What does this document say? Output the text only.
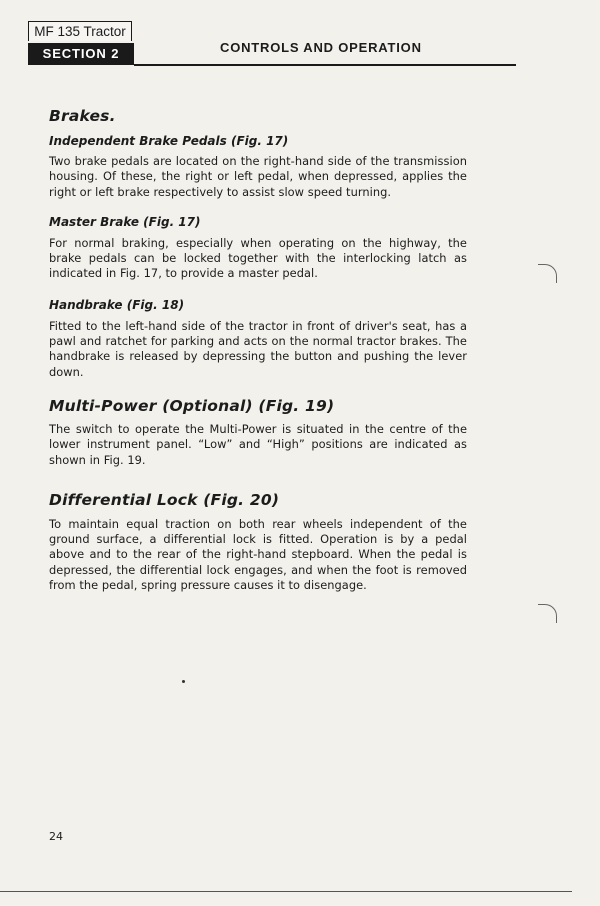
MF 135 Tractor
SECTION 2	CONTROLS AND OPERATION
Brakes.
Independent Brake Pedals (Fig. 17)

Two brake pedals are located on the right-hand side of the transmission housing. Of these, the right or left pedal, when depressed, applies the right or left brake respectively to assist slow speed turning.

Master Brake (Fig. 17)

For normal braking, especially when operating on the highway, the brake pedals can be locked together with the interlocking latch as indicated in Fig. 17, to provide a master pedal.

Handbrake (Fig. 18)

Fitted to the left-hand side of the tractor in front of driver's seat, has a pawl and ratchet for parking and acts on the normal tractor brakes. The handbrake is released by depressing the button and pushing the lever down.

Multi-Power (Optional) (Fig. 19)

The switch to operate the Multi-Power is situated in the centre of the lower instrument panel. “Low” and “High” positions are indicated as shown in Fig. 19.

Differential Lock (Fig. 20)

To maintain equal traction on both rear wheels independent of the ground surface, a differential lock is fitted. Operation is by a pedal above and to the rear of the right-hand stepboard. When the pedal is depressed, the differential lock engages, and when the foot is removed from the pedal, spring pressure causes it to disengage.

24
